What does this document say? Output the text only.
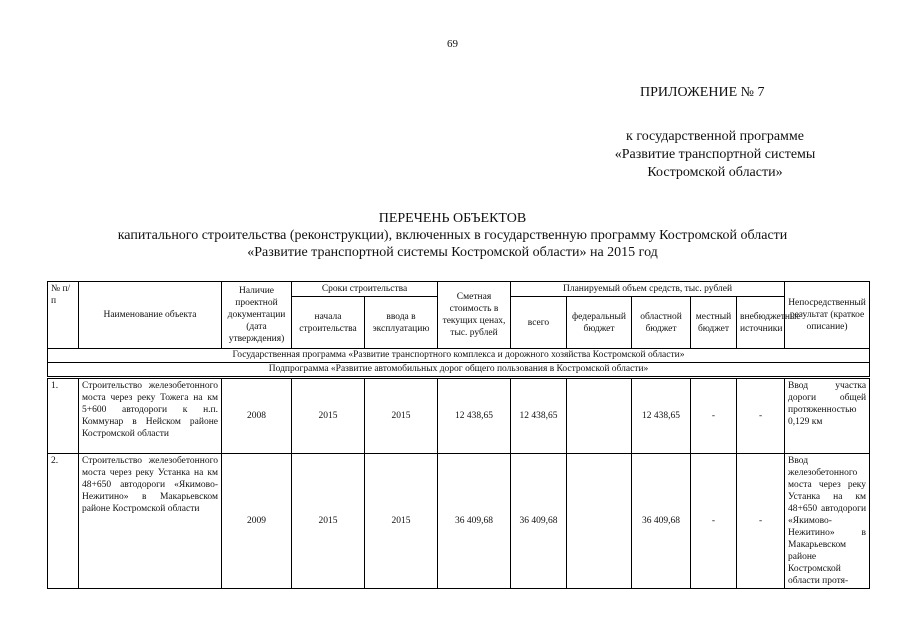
69
ПРИЛОЖЕНИЕ № 7
к государственной программе
«Развитие транспортной системы
Костромской области»
ПЕРЕЧЕНЬ ОБЪЕКТОВ
капитального строительства (реконструкции), включенных в государственную программу Костромской области
«Развитие транспортной системы Костромской области» на 2015 год
№ п/п	Наименование объекта	Наличие проектной документации (дата утверждения)	Сроки строительства		Сметная стоимость в текущих ценах, тыс. рублей	Планируемый объем средств, тыс. рублей					Непосредственный результат (краткое описание)
			начала строительства	ввода в эксплуатацию		всего	федеральный бюджет	областной бюджет	местный бюджет	внебюджетные источники	
Государственная программа «Развитие транспортного комплекса и дорожного хозяйства Костромской области»											
Подпрограмма «Развитие автомобильных дорог общего пользования в Костромской области»											
1.	Строительство железобетонного моста через реку Тожега на км 5+600 автодороги к н.п. Коммунар в Нейском районе Костромской области	2008	2015	2015	12 438,65	12 438,65		12 438,65	-	-	Ввод участка дороги общей протяженностью 0,129 км
2.	Строительство железобетонного моста через реку Устанка на км 48+650 автодороги «Якимово-Нежитино» в Макарьевском районе Костромской области	2009	2015	2015	36 409,68	36 409,68		36 409,68	-	-	Ввод железобетонного моста через реку Устанка на км 48+650 автодороги «Якимово-Нежитино» в Макарьевском районе Костромской области протя-
